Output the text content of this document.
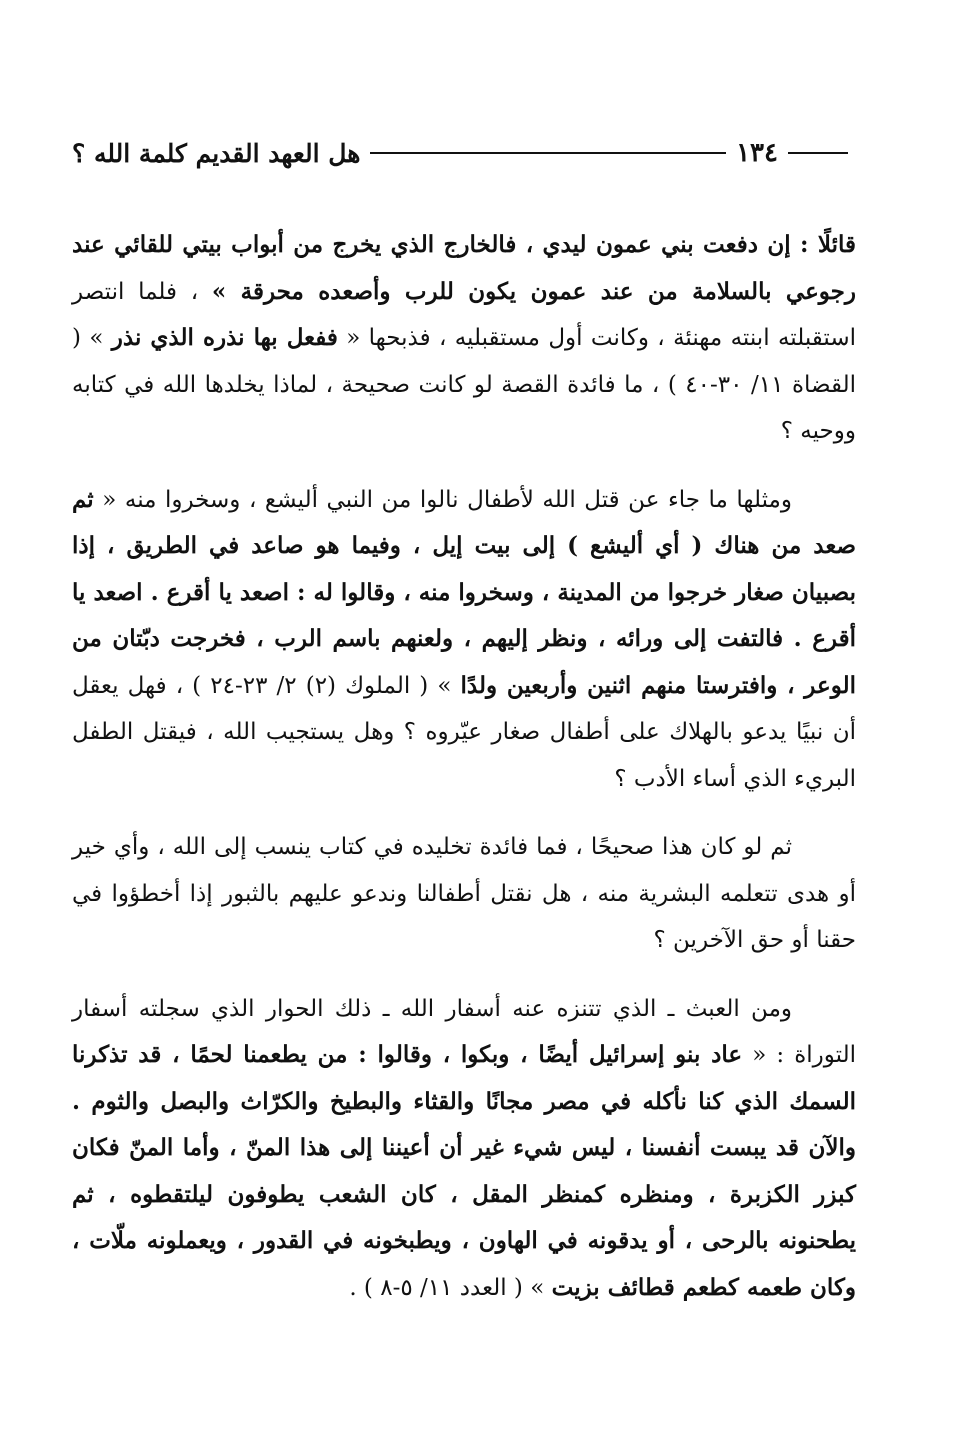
١٣٤
هل العهد القديم كلمة الله ؟

قائلًا : إن دفعت بني عمون ليدي ، فالخارج الذي يخرج من أبواب بيتي للقائي عند رجوعي بالسلامة من عند عمون يكون للرب وأصعده محرقة » ، فلما انتصر استقبلته ابنته مهنئة ، وكانت أول مستقبليه ، فذبحها « ففعل بها نذره الذي نذر » ( القضاة ١١/ ٣٠-٤٠ ) ، ما فائدة القصة لو كانت صحيحة ، لماذا يخلدها الله في كتابه ووحيه ؟

ومثلها ما جاء عن قتل الله لأطفال نالوا من النبي أليشع ، وسخروا منه « ثم صعد من هناك ( أي أليشع ) إلى بيت إيل ، وفيما هو صاعد في الطريق ، إذا بصبيان صغار خرجوا من المدينة ، وسخروا منه ، وقالوا له : اصعد يا أقرع . اصعد يا أقرع . فالتفت إلى ورائه ، ونظر إليهم ، ولعنهم باسم الرب ، فخرجت دبّتان من الوعر ، وافترستا منهم اثنين وأربعين ولدًا » ( الملوك (٢) ٢/ ٢٣-٢٤ ) ، فهل يعقل أن نبيًا يدعو بالهلاك على أطفال صغار عيّروه ؟ وهل يستجيب الله ، فيقتل الطفل البريء الذي أساء الأدب ؟

ثم لو كان هذا صحيحًا ، فما فائدة تخليده في كتاب ينسب إلى الله ، وأي خير أو هدى تتعلمه البشرية منه ، هل نقتل أطفالنا وندعو عليهم بالثبور إذا أخطؤوا في حقنا أو حق الآخرين ؟

ومن العبث ـ الذي تتنزه عنه أسفار الله ـ ذلك الحوار الذي سجلته أسفار التوراة : « عاد بنو إسرائيل أيضًا ، وبكوا ، وقالوا : من يطعمنا لحمًا ، قد تذكرنا السمك الذي كنا نأكله في مصر مجانًا والقثاء والبطيخ والكرّاث والبصل والثوم . والآن قد يبست أنفسنا ، ليس شيء غير أن أعيننا إلى هذا المنّ ، وأما المنّ فكان كبزر الكزبرة ، ومنظره كمنظر المقل ، كان الشعب يطوفون ليلتقطوه ، ثم يطحنونه بالرحى ، أو يدقونه في الهاون ، ويطبخونه في القدور ، ويعملونه ملّات ، وكان طعمه كطعم قطائف بزيت » ( العدد ١١/ ٥-٨ ) .
